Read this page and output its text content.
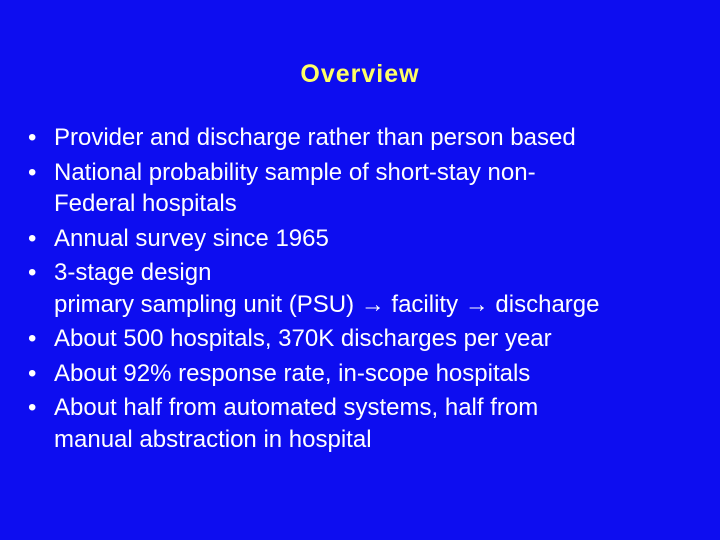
Overview
• Provider and discharge rather than person based
• National probability sample of short-stay non-
Federal hospitals
• Annual survey since 1965
• 3-stage design
primary sampling unit (PSU) → facility → discharge
• About 500 hospitals, 370K discharges per year
• About 92% response rate, in-scope hospitals
• About half from automated systems, half from
manual abstraction in hospital
